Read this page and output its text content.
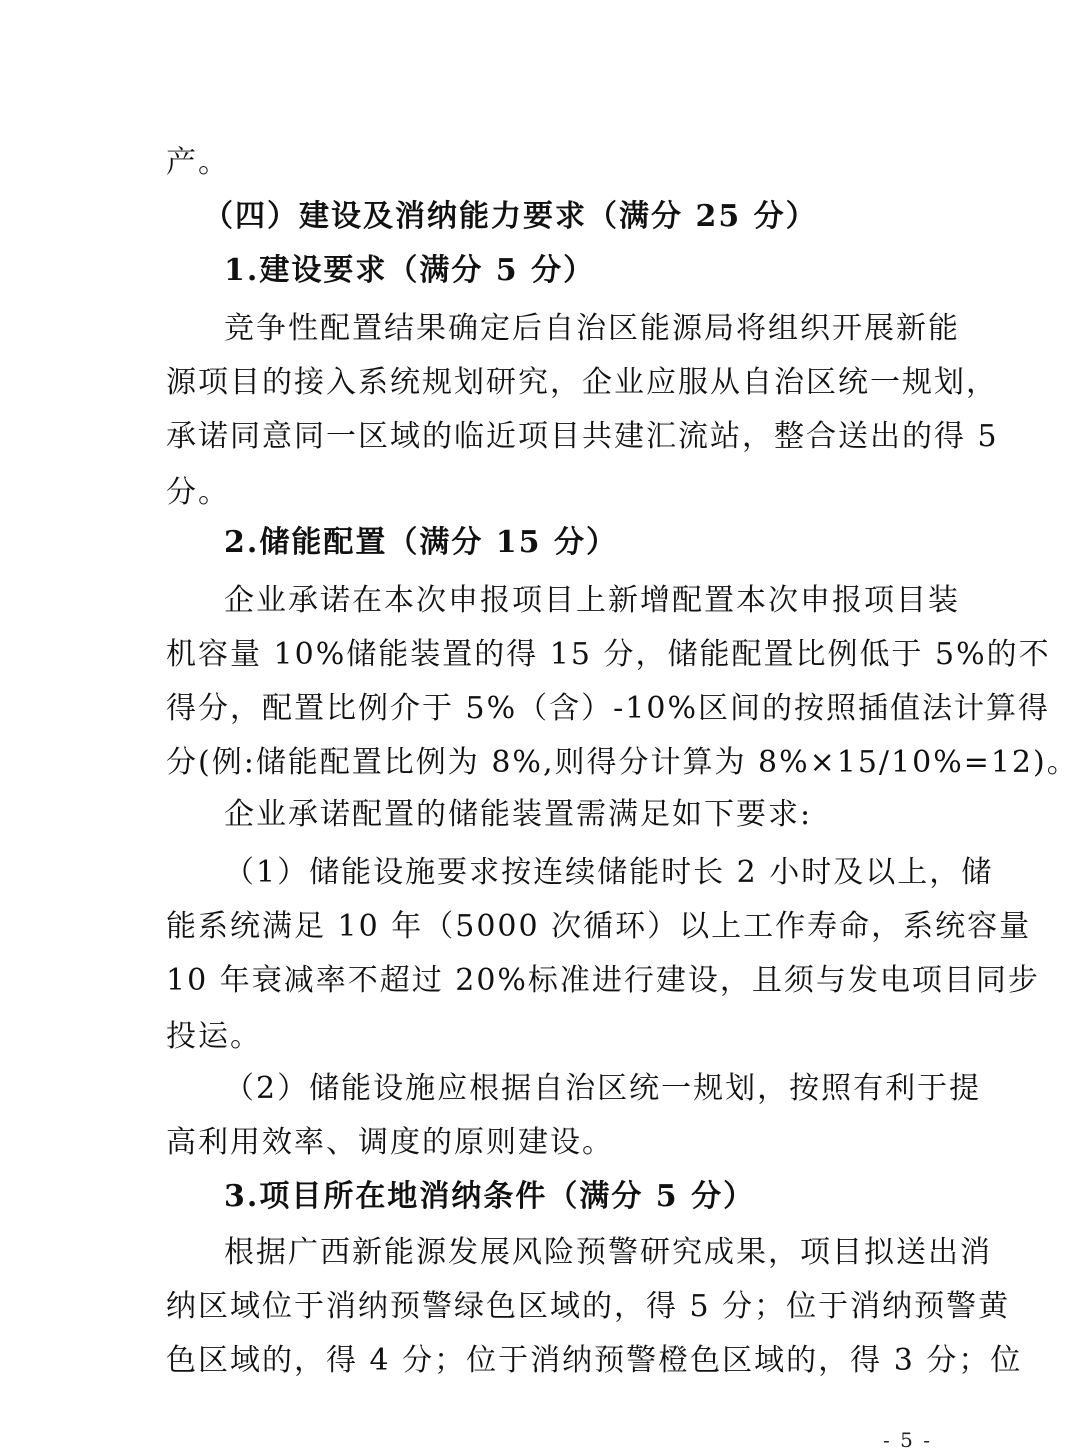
产。
（四）建设及消纳能力要求（满分 25 分）
1.建设要求（满分 5 分）
竞争性配置结果确定后自治区能源局将组织开展新能
源项目的接入系统规划研究，企业应服从自治区统一规划，
承诺同意同一区域的临近项目共建汇流站，整合送出的得 5
分。
2.储能配置（满分 15 分）
企业承诺在本次申报项目上新增配置本次申报项目装
机容量 10%储能装置的得 15 分，储能配置比例低于 5%的不
得分，配置比例介于 5%（含）-10%区间的按照插值法计算得
分(例:储能配置比例为 8%,则得分计算为 8%×15/10%=12)。
企业承诺配置的储能装置需满足如下要求:
（1）储能设施要求按连续储能时长 2 小时及以上，储
能系统满足 10 年（5000 次循环）以上工作寿命，系统容量
10 年衰减率不超过 20%标准进行建设，且须与发电项目同步
投运。
（2）储能设施应根据自治区统一规划，按照有利于提
高利用效率、调度的原则建设。
3.项目所在地消纳条件（满分 5 分）
根据广西新能源发展风险预警研究成果，项目拟送出消
纳区域位于消纳预警绿色区域的，得 5 分；位于消纳预警黄
色区域的，得 4 分；位于消纳预警橙色区域的，得 3 分；位
- 5 -
